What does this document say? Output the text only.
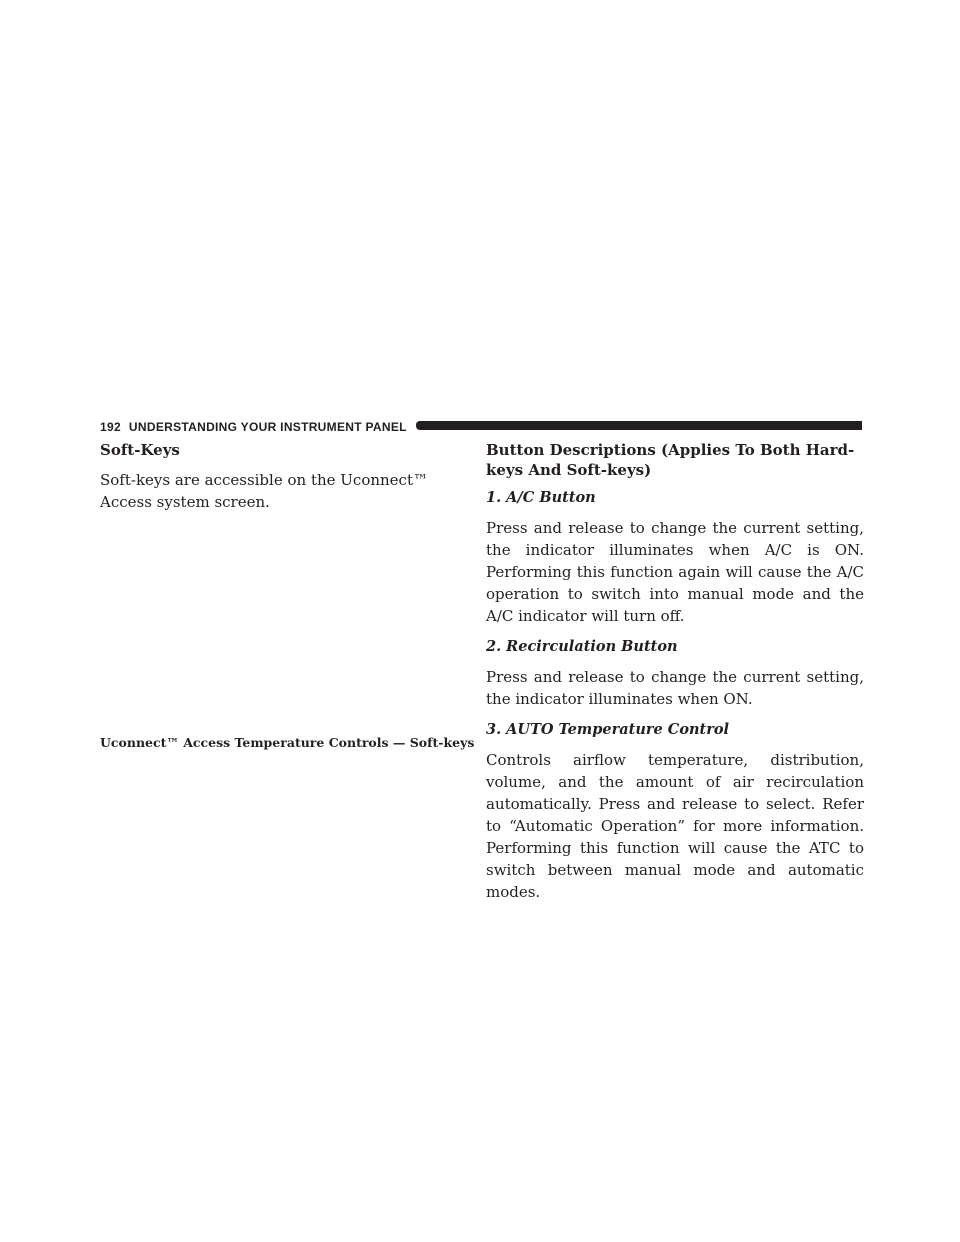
192 UNDERSTANDING YOUR INSTRUMENT PANEL
Soft-Keys

Soft-keys are accessible on the Uconnect™ Access system screen.

Uconnect™ Access Temperature Controls — Soft-keys
Button Descriptions (Applies To Both Hard-keys And Soft-keys)
1. A/C Button

Press and release to change the current setting, the indicator illuminates when A/C is ON. Performing this function again will cause the A/C operation to switch into manual mode and the A/C indicator will turn off.

2. Recirculation Button

Press and release to change the current setting, the indicator illuminates when ON.

3. AUTO Temperature Control

Controls airflow temperature, distribution, volume, and the amount of air recirculation automatically. Press and release to select. Refer to “Automatic Operation” for more information. Performing this function will cause the ATC to switch between manual mode and automatic modes.
